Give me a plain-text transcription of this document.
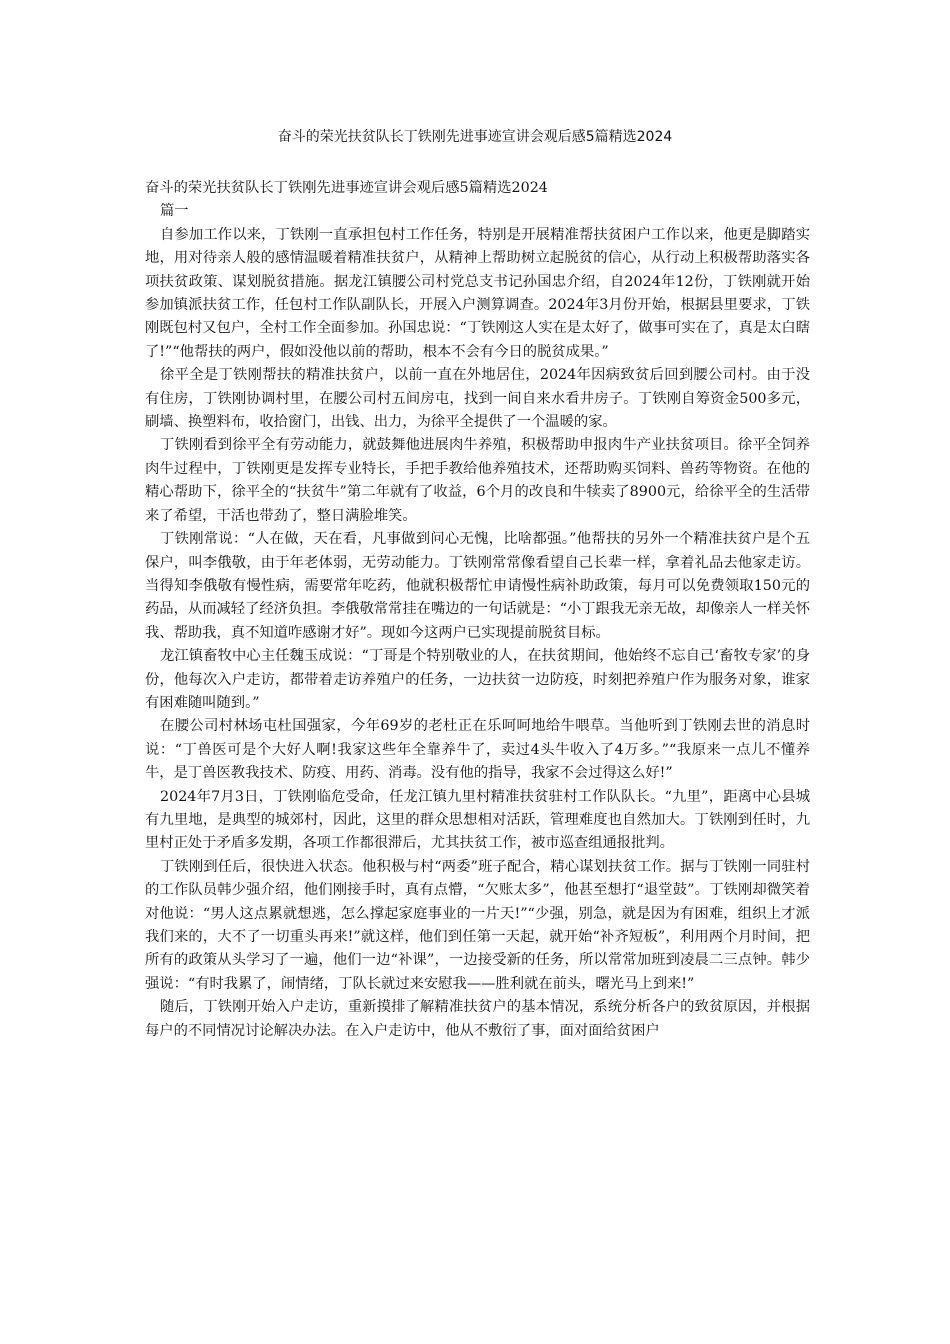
奋斗的荣光扶贫队长丁铁刚先进事迹宣讲会观后感5篇精选2024

奋斗的荣光扶贫队长丁铁刚先进事迹宣讲会观后感5篇精选2024

篇一

自参加工作以来，丁铁刚一直承担包村工作任务，特别是开展精准帮扶贫困户工作以来，他更是脚踏实地，用对待亲人般的感情温暖着精准扶贫户，从精神上帮助树立起脱贫的信心，从行动上积极帮助落实各项扶贫政策、谋划脱贫措施。据龙江镇腰公司村党总支书记孙国忠介绍，自2024年12份，丁铁刚就开始参加镇派扶贫工作，任包村工作队副队长，开展入户测算调查。2024年3月份开始，根据县里要求，丁铁刚既包村又包户，全村工作全面参加。孙国忠说：“丁铁刚这人实在是太好了，做事可实在了，真是太白瞎了!”“他帮扶的两户，假如没他以前的帮助，根本不会有今日的脱贫成果。”

徐平全是丁铁刚帮扶的精准扶贫户，以前一直在外地居住，2024年因病致贫后回到腰公司村。由于没有住房，丁铁刚协调村里，在腰公司村五间房屯，找到一间自来水看井房子。丁铁刚自筹资金500多元，刷墙、换塑料布，收拾窗门，出钱、出力，为徐平全提供了一个温暖的家。

丁铁刚看到徐平全有劳动能力，就鼓舞他进展肉牛养殖，积极帮助申报肉牛产业扶贫项目。徐平全饲养肉牛过程中，丁铁刚更是发挥专业特长，手把手教给他养殖技术，还帮助购买饲料、兽药等物资。在他的精心帮助下，徐平全的“扶贫牛”第二年就有了收益，6个月的改良和牛犊卖了8900元，给徐平全的生活带来了希望，干活也带劲了，整日满脸堆笑。

丁铁刚常说：“人在做，天在看，凡事做到问心无愧，比啥都强。”他帮扶的另外一个精准扶贫户是个五保户，叫李俄敬，由于年老体弱，无劳动能力。丁铁刚常常像看望自己长辈一样，拿着礼品去他家走访。当得知李俄敬有慢性病，需要常年吃药，他就积极帮忙申请慢性病补助政策，每月可以免费领取150元的药品，从而减轻了经济负担。李俄敬常常挂在嘴边的一句话就是：“小丁跟我无亲无故，却像亲人一样关怀我、帮助我，真不知道咋感谢才好”。现如今这两户已实现提前脱贫目标。

龙江镇畜牧中心主任魏玉成说：“丁哥是个特别敬业的人，在扶贫期间，他始终不忘自己‘畜牧专家’的身份，他每次入户走访，都带着走访养殖户的任务，一边扶贫一边防疫，时刻把养殖户作为服务对象，谁家有困难随叫随到。”

在腰公司村林场屯杜国强家，今年69岁的老杜正在乐呵呵地给牛喂草。当他听到丁铁刚去世的消息时说：“丁兽医可是个大好人啊!我家这些年全靠养牛了，卖过4头牛收入了4万多。”“我原来一点儿不懂养牛，是丁兽医教我技术、防疫、用药、消毒。没有他的指导，我家不会过得这么好!”

2024年7月3日，丁铁刚临危受命，任龙江镇九里村精准扶贫驻村工作队队长。“九里”，距离中心县城有九里地，是典型的城郊村，因此，这里的群众思想相对活跃，管理难度也自然加大。丁铁刚到任时，九里村正处于矛盾多发期，各项工作都很滞后，尤其扶贫工作，被市巡查组通报批判。

丁铁刚到任后，很快进入状态。他积极与村“两委”班子配合，精心谋划扶贫工作。据与丁铁刚一同驻村的工作队员韩少强介绍，他们刚接手时，真有点懵，“欠账太多”，他甚至想打“退堂鼓”。丁铁刚却微笑着对他说：“男人这点累就想逃，怎么撑起家庭事业的一片天!”“少强，别急，就是因为有困难，组织上才派我们来的，大不了一切重头再来!”就这样，他们到任第一天起，就开始“补齐短板”，利用两个月时间，把所有的政策从头学习了一遍，他们一边“补课”，一边接受新的任务，所以常常加班到凌晨二三点钟。韩少强说：“有时我累了，闹情绪，丁队长就过来安慰我——胜利就在前头，曙光马上到来!”

随后，丁铁刚开始入户走访，重新摸排了解精准扶贫户的基本情况，系统分析各户的致贫原因，并根据每户的不同情况讨论解决办法。在入户走访中，他从不敷衍了事，面对面给贫困户
